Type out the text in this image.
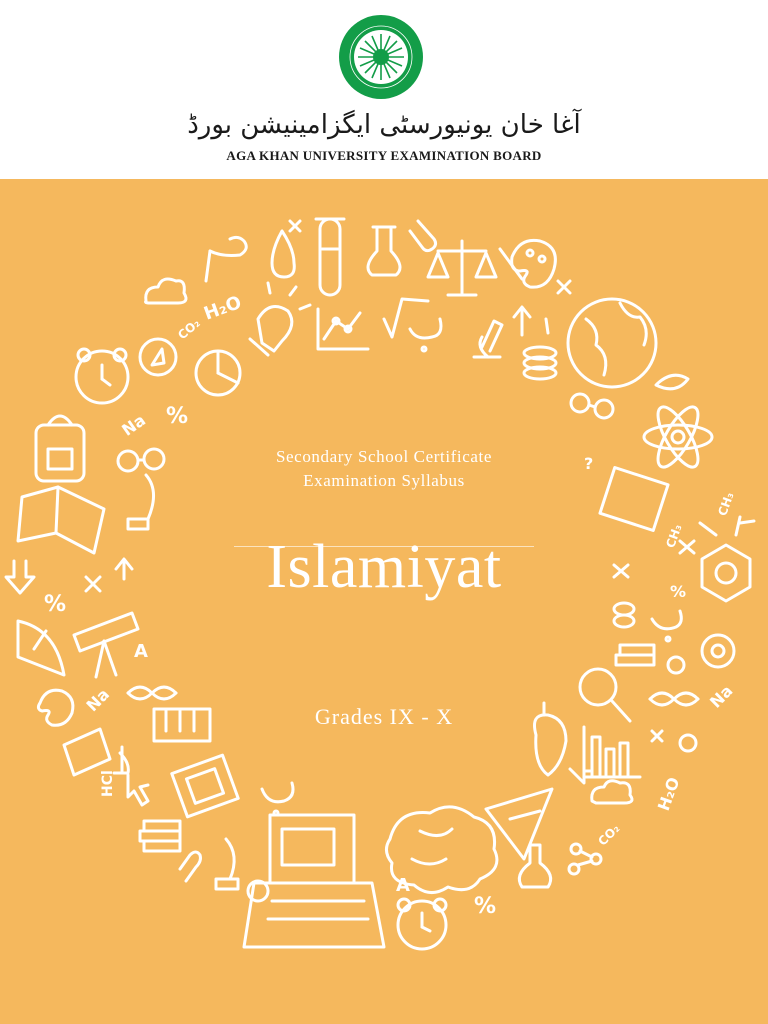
آغا خان یونیورسٹی ایگزامینیشن بورڈ
AGA KHAN UNIVERSITY EXAMINATION BOARD
H₂O
CO₂
Na %
%
A
Na
HCl
A
%
CO₂
?
CH₃
CH₃
%
Na
H₂O
Secondary School Certificate
Examination Syllabus
Islamiyat
Grades IX - X
